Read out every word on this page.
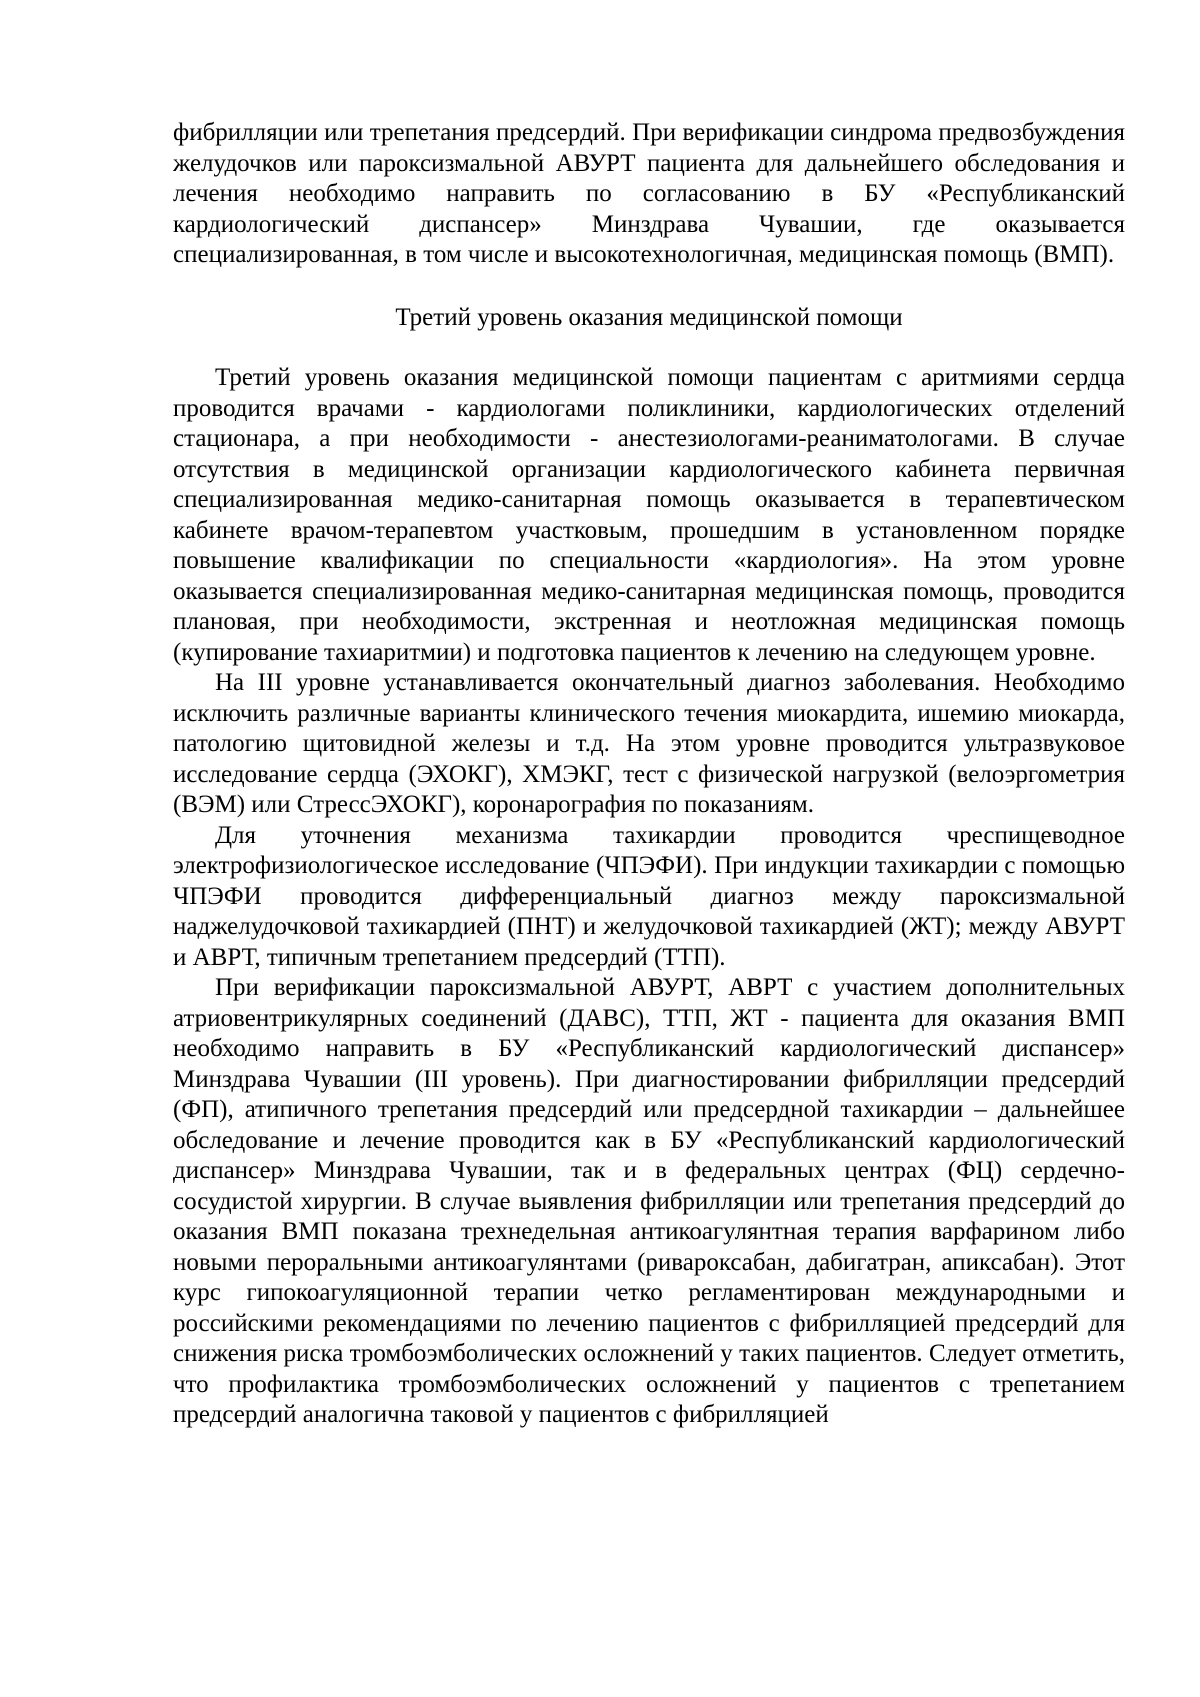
фибрилляции или трепетания предсердий. При верификации синдрома предвозбуждения желудочков или пароксизмальной АВУРТ пациента для дальнейшего обследования и лечения необходимо направить по согласованию в БУ «Республиканский кардиологический диспансер» Минздрава Чувашии, где оказывается специализированная, в том числе и высокотехнологичная, медицинская помощь (ВМП).

Третий уровень оказания медицинской помощи

Третий уровень оказания медицинской помощи пациентам с аритмиями сердца проводится врачами - кардиологами поликлиники, кардиологических отделений стационара, а при необходимости - анестезиологами-реаниматологами. В случае отсутствия в медицинской организации кардиологического кабинета первичная специализированная медико-санитарная помощь оказывается в терапевтическом кабинете врачом-терапевтом участковым, прошедшим в установленном порядке повышение квалификации по специальности «кардиология». На этом уровне оказывается специализированная медико-санитарная медицинская помощь, проводится плановая, при необходимости, экстренная и неотложная медицинская помощь (купирование тахиаритмии) и подготовка пациентов к лечению на следующем уровне.

На III уровне устанавливается окончательный диагноз заболевания. Необходимо исключить различные варианты клинического течения миокардита, ишемию миокарда, патологию щитовидной железы и т.д. На этом уровне проводится ультразвуковое исследование сердца (ЭХОКГ), ХМЭКГ, тест с физической нагрузкой (велоэргометрия (ВЭМ) или СтрессЭХОКГ), коронарография по показаниям.

Для уточнения механизма тахикардии проводится чреспищеводное электрофизиологическое исследование (ЧПЭФИ). При индукции тахикардии с помощью ЧПЭФИ проводится дифференциальный диагноз между пароксизмальной наджелудочковой тахикардией (ПНТ) и желудочковой тахикардией (ЖТ); между АВУРТ и АВРТ, типичным трепетанием предсердий (ТТП).

При верификации пароксизмальной АВУРТ, АВРТ с участием дополнительных атриовентрикулярных соединений (ДАВС), ТТП, ЖТ - пациента для оказания ВМП необходимо направить в БУ «Республиканский кардиологический диспансер» Минздрава Чувашии (III уровень). При диагностировании фибрилляции предсердий (ФП), атипичного трепетания предсердий или предсердной тахикардии – дальнейшее обследование и лечение проводится как в БУ «Республиканский кардиологический диспансер» Минздрава Чувашии, так и в федеральных центрах (ФЦ) сердечно-сосудистой хирургии. В случае выявления фибрилляции или трепетания предсердий до оказания ВМП показана трехнедельная антикоагулянтная терапия варфарином либо новыми пероральными антикоагулянтами (ривароксабан, дабигатран, апиксабан). Этот курс гипокоагуляционной терапии четко регламентирован международными и российскими рекомендациями по лечению пациентов с фибрилляцией предсердий для снижения риска тромбоэмболических осложнений у таких пациентов. Следует отметить, что профилактика тромбоэмболических осложнений у пациентов с трепетанием предсердий аналогична таковой у пациентов с фибрилляцией
